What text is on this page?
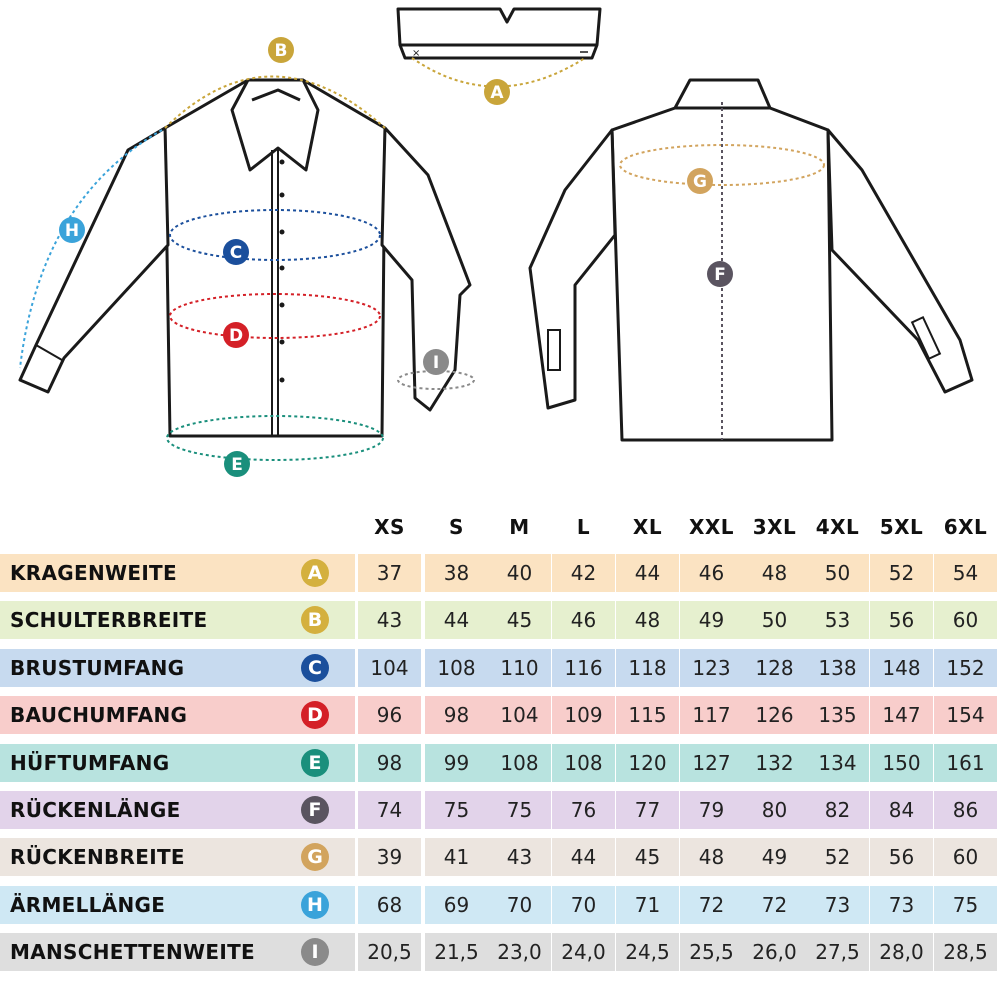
×
A
B
C
D
E
F
G
H
I
XS	S	M	L	XL	XXL 3XL 4XL	5XL	6XL
KRAGENWEITE	A	37	38	40	42	44	46	48	50	52	54
SCHULTERBREITE	B	43	44	45	46	48	49	50	53	56	60
BRUSTUMFANG	C	104	108	110	116	118	123	128	138	148	152
BAUCHUMFANG	D	96	98	104	109	115	117	126	135	147	154
HÜFTUMFANG	E	98	99	108	108	120	127	132	134	150	161
RÜCKENLÄNGE	F	74	75	75	76	77	79	80	82	84	86
RÜCKENBREITE	G	39	41	43	44	45	48	49	52	56	60
ÄRMELLÄNGE	H	68	69	70	70	71	72	72	73	73	75
MANSCHETTENWEITE	I	20,5	21,5 23,0 24,0 24,5 25,5 26,0 27,5 28,0 28,5
